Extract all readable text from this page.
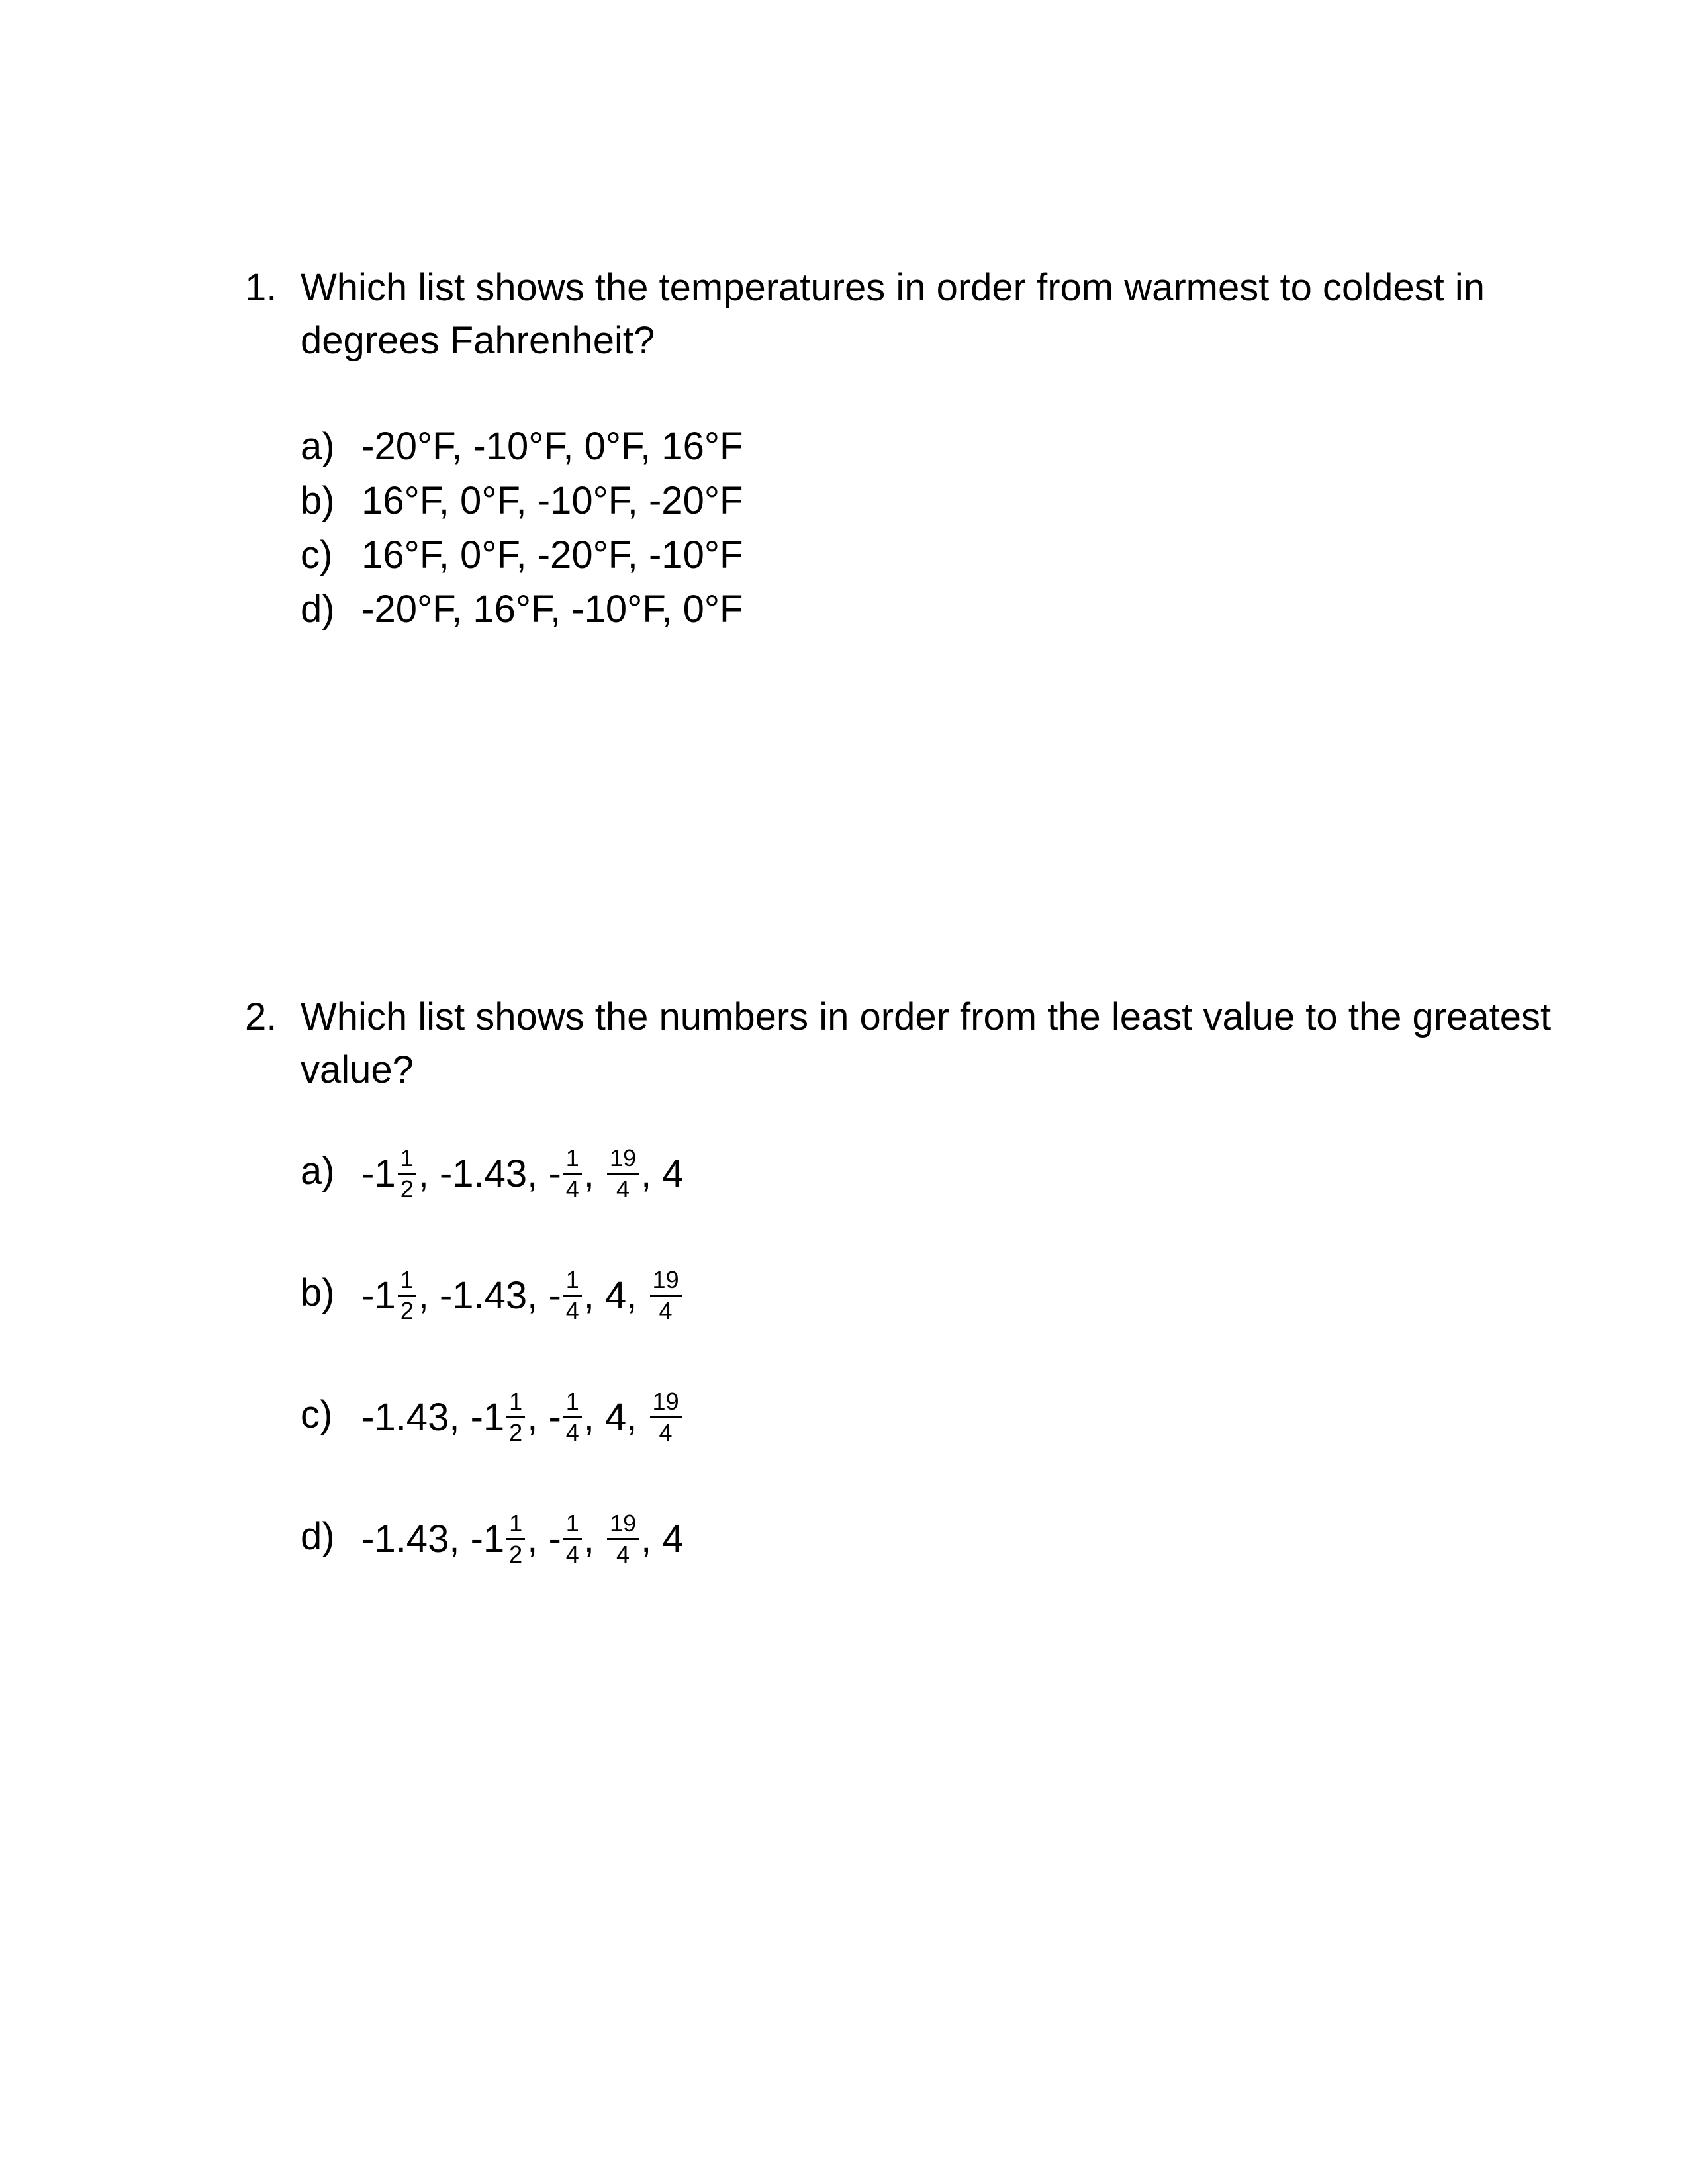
1. Which list shows the temperatures in order from warmest to coldest in
degrees Fahrenheit?
a) -20°F, -10°F, 0°F, 16°F
b) 16°F, 0°F, -10°F, -20°F
c) 16°F, 0°F, -20°F, -10°F
d) -20°F, 16°F, -10°F, 0°F
2. Which list shows the numbers in order from the least value to the greatest
value?
a) $-1 \frac{1}{2}$ ,
-1.43,
- $\frac{1}{4}$ ,
$\frac{19}{4}$ ,
4
b) $-1 \frac{1}{2}$ ,
-1.43,
- $\frac{1}{4}$ ,
4,
$\frac{19}{4}$
c) -1.43,
$-1 \frac{1}{2}$ ,
- $\frac{1}{4}$ ,
4,
$\frac{19}{4}$
d) -1.43,
$-1 \frac{1}{2}$ ,
- $\frac{1}{4}$ ,
$\frac{19}{4}$ ,
4
